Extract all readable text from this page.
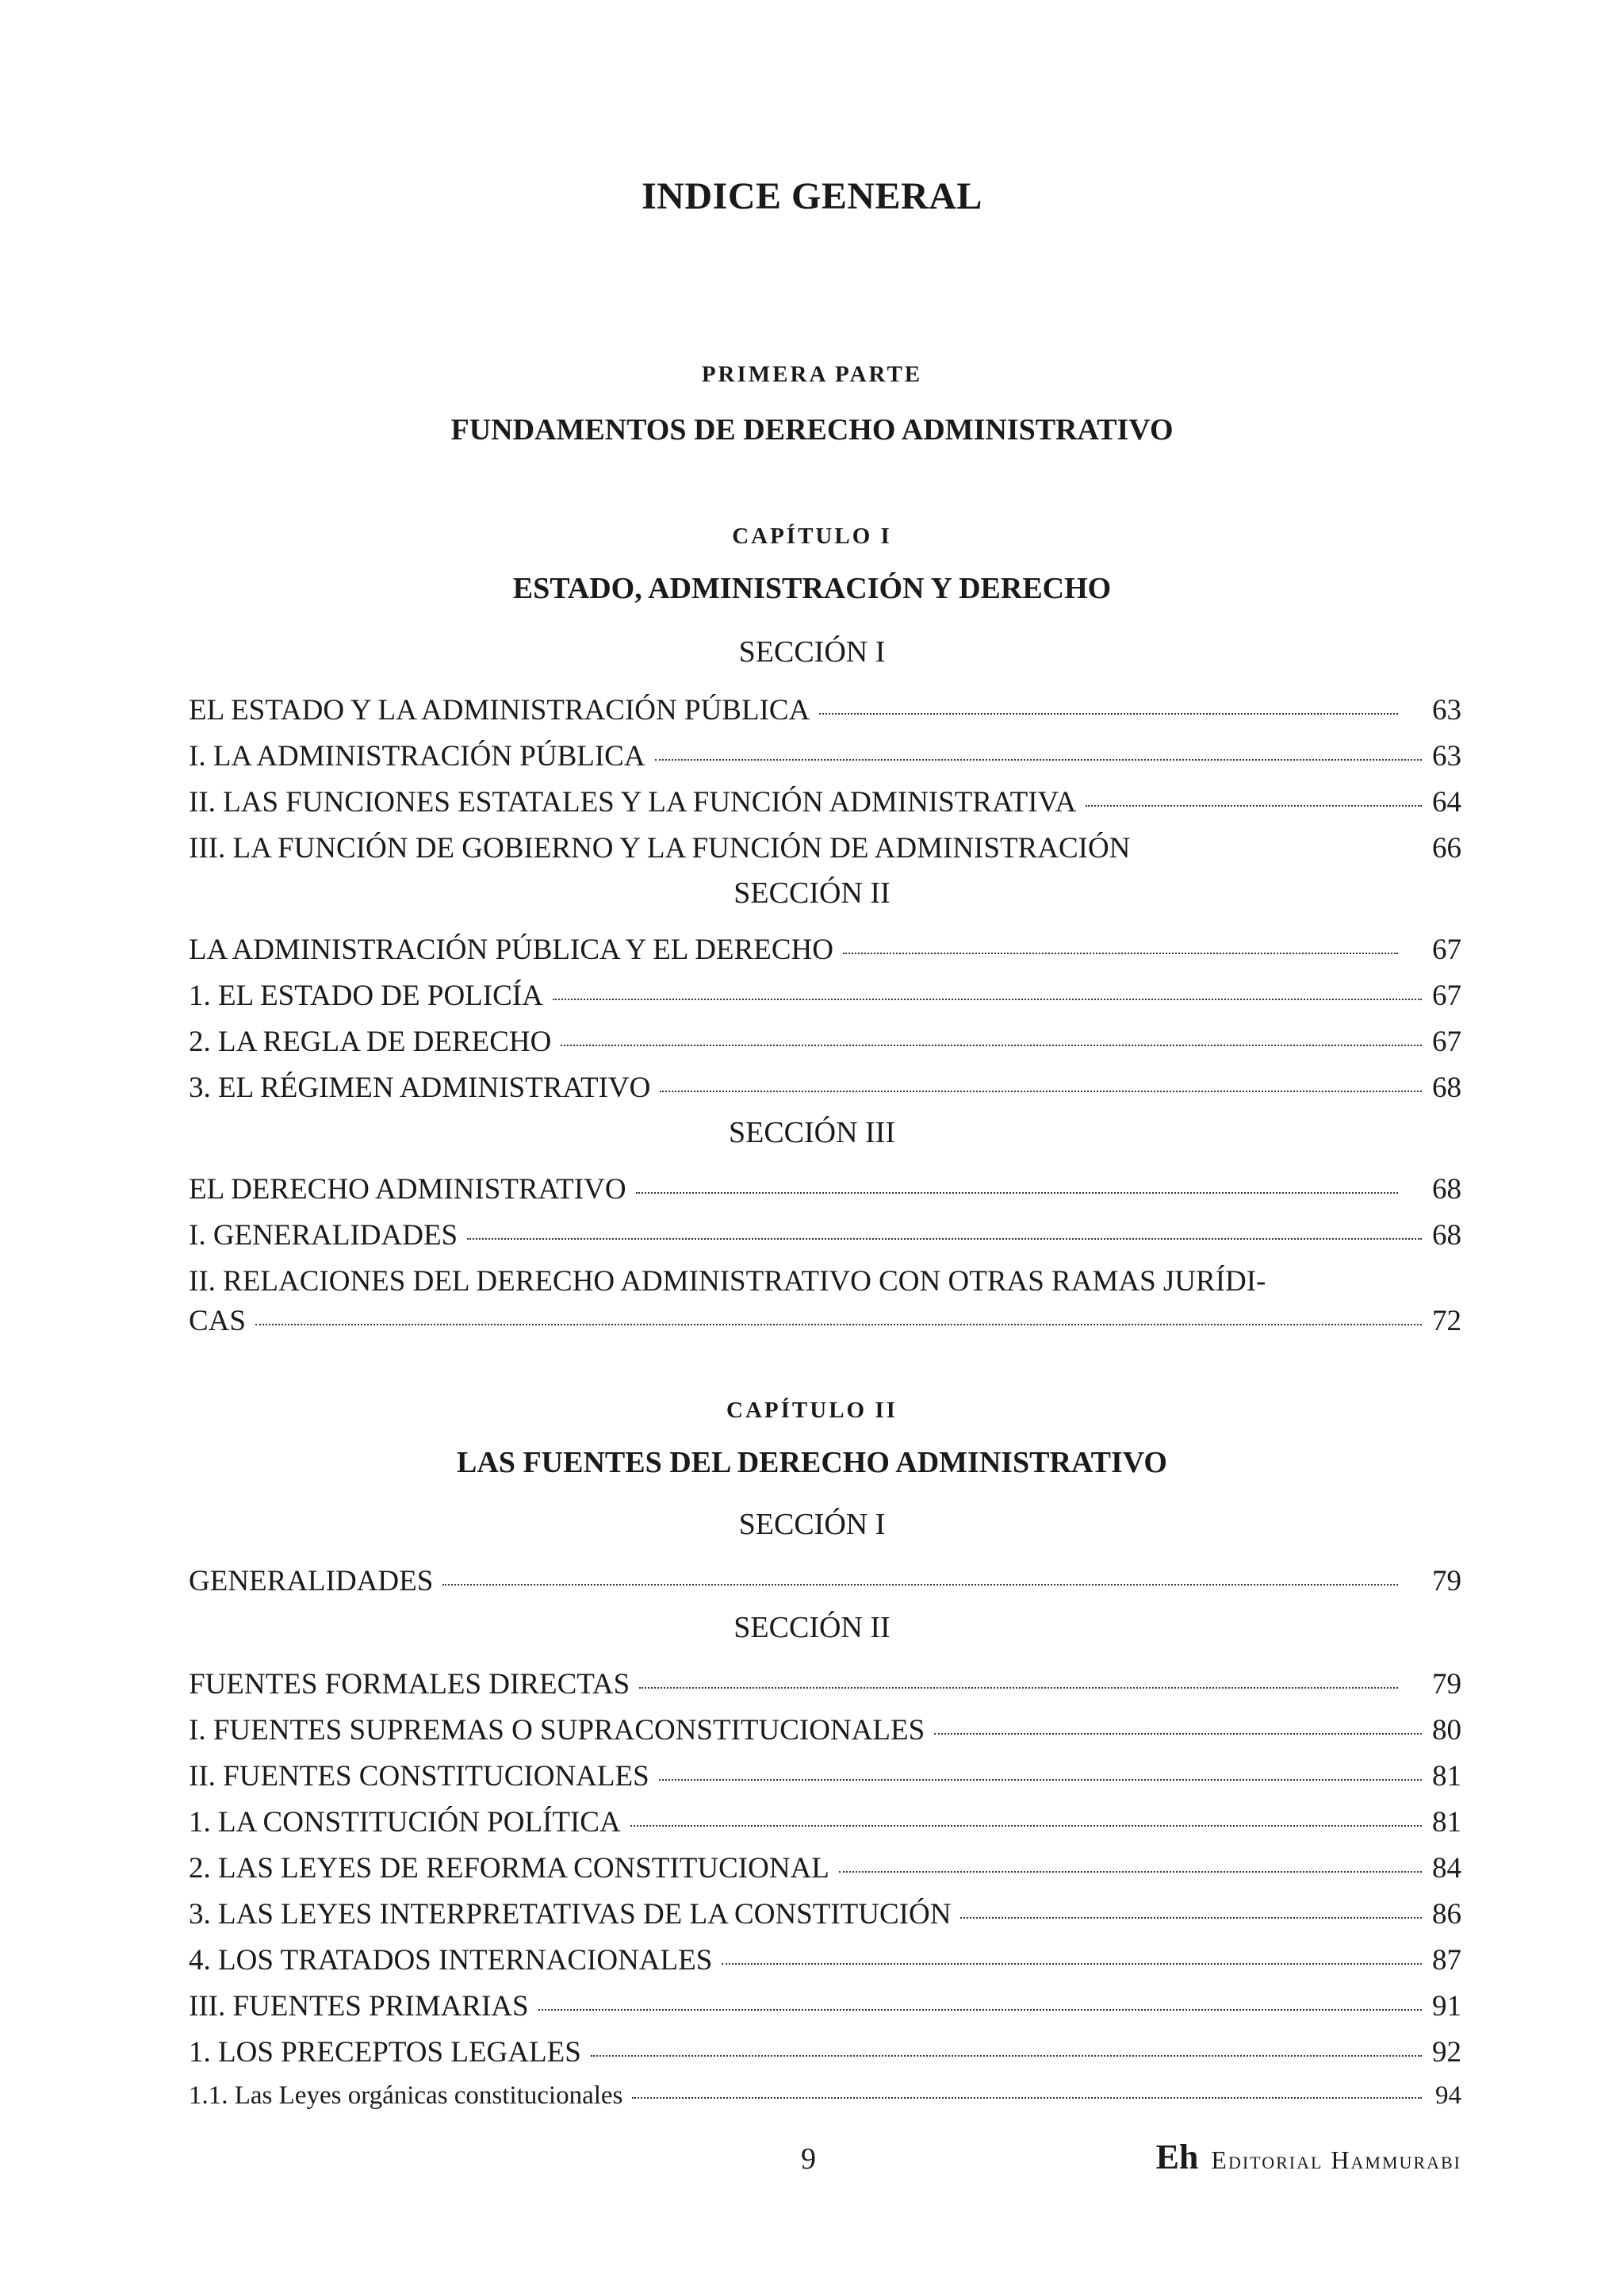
INDICE GENERAL
PRIMERA PARTE
FUNDAMENTOS DE DERECHO ADMINISTRATIVO
CAPÍTULO I
ESTADO, ADMINISTRACIÓN Y DERECHO
SECCIÓN I
EL ESTADO Y LA ADMINISTRACIÓN PÚBLICA	63
I. LA ADMINISTRACIÓN PÚBLICA	63
II. LAS FUNCIONES ESTATALES Y LA FUNCIÓN ADMINISTRATIVA	64
III. LA FUNCIÓN DE GOBIERNO Y LA FUNCIÓN DE ADMINISTRACIÓN	66
SECCIÓN II
LA ADMINISTRACIÓN PÚBLICA Y EL DERECHO	67
1. EL ESTADO DE POLICÍA	67
2. LA REGLA DE DERECHO	67
3. EL RÉGIMEN ADMINISTRATIVO	68
SECCIÓN III
EL DERECHO ADMINISTRATIVO	68
I. GENERALIDADES	68
II. RELACIONES DEL DERECHO ADMINISTRATIVO CON OTRAS RAMAS JURÍDI-
CAS	72
CAPÍTULO II
LAS FUENTES DEL DERECHO ADMINISTRATIVO
SECCIÓN I
GENERALIDADES	79
SECCIÓN II
FUENTES FORMALES DIRECTAS	79
I. FUENTES SUPREMAS O SUPRACONSTITUCIONALES	80
II. FUENTES CONSTITUCIONALES	81
1. LA CONSTITUCIÓN POLÍTICA	81
2. LAS LEYES DE REFORMA CONSTITUCIONAL	84
3. LAS LEYES INTERPRETATIVAS DE LA CONSTITUCIÓN	86
4. LOS TRATADOS INTERNACIONALES	87
III. FUENTES PRIMARIAS	91
1. LOS PRECEPTOS LEGALES	92
1.1. Las Leyes orgánicas constitucionales	94
9	Eh Editorial Hammurabi
